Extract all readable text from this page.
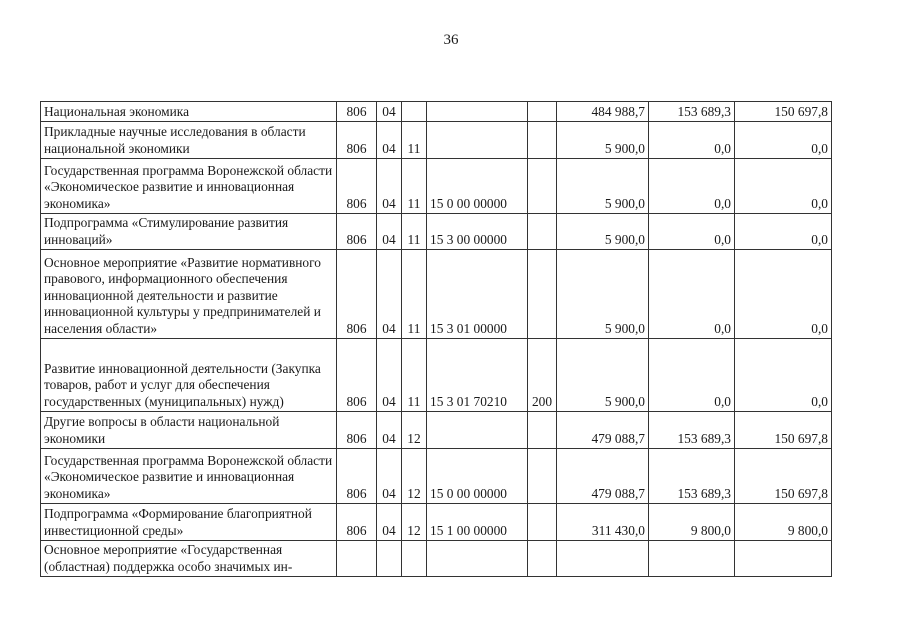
36
Национальная экономика	806	04				484 988,7	153 689,3	150 697,8
Прикладные научные исследования в области национальной экономики	806	04	11			5 900,0	0,0	0,0
Государственная программа Воронежской области «Экономическое развитие и инновационная экономика»	806	04	11	15 0 00 00000		5 900,0	0,0	0,0
Подпрограмма «Стимулирование развития инноваций»	806	04	11	15 3 00 00000		5 900,0	0,0	0,0
Основное мероприятие «Развитие нормативного правового, информационного обеспечения инновационной деятельности и развитие инновационной культуры у предпринимателей и населения области»	806	04	11	15 3 01 00000		5 900,0	0,0	0,0
Развитие инновационной деятельности (Закупка товаров, работ и услуг для обеспечения государственных (муниципальных) нужд)	806	04	11	15 3 01 70210	200	5 900,0	0,0	0,0
Другие вопросы в области национальной экономики	806	04	12			479 088,7	153 689,3	150 697,8
Государственная программа Воронежской области «Экономическое развитие и инновационная экономика»	806	04	12	15 0 00 00000		479 088,7	153 689,3	150 697,8
Подпрограмма «Формирование благоприятной инвестиционной среды»	806	04	12	15 1 00 00000		311 430,0	9 800,0	9 800,0
Основное мероприятие «Государственная (областная) поддержка особо значимых ин-								
